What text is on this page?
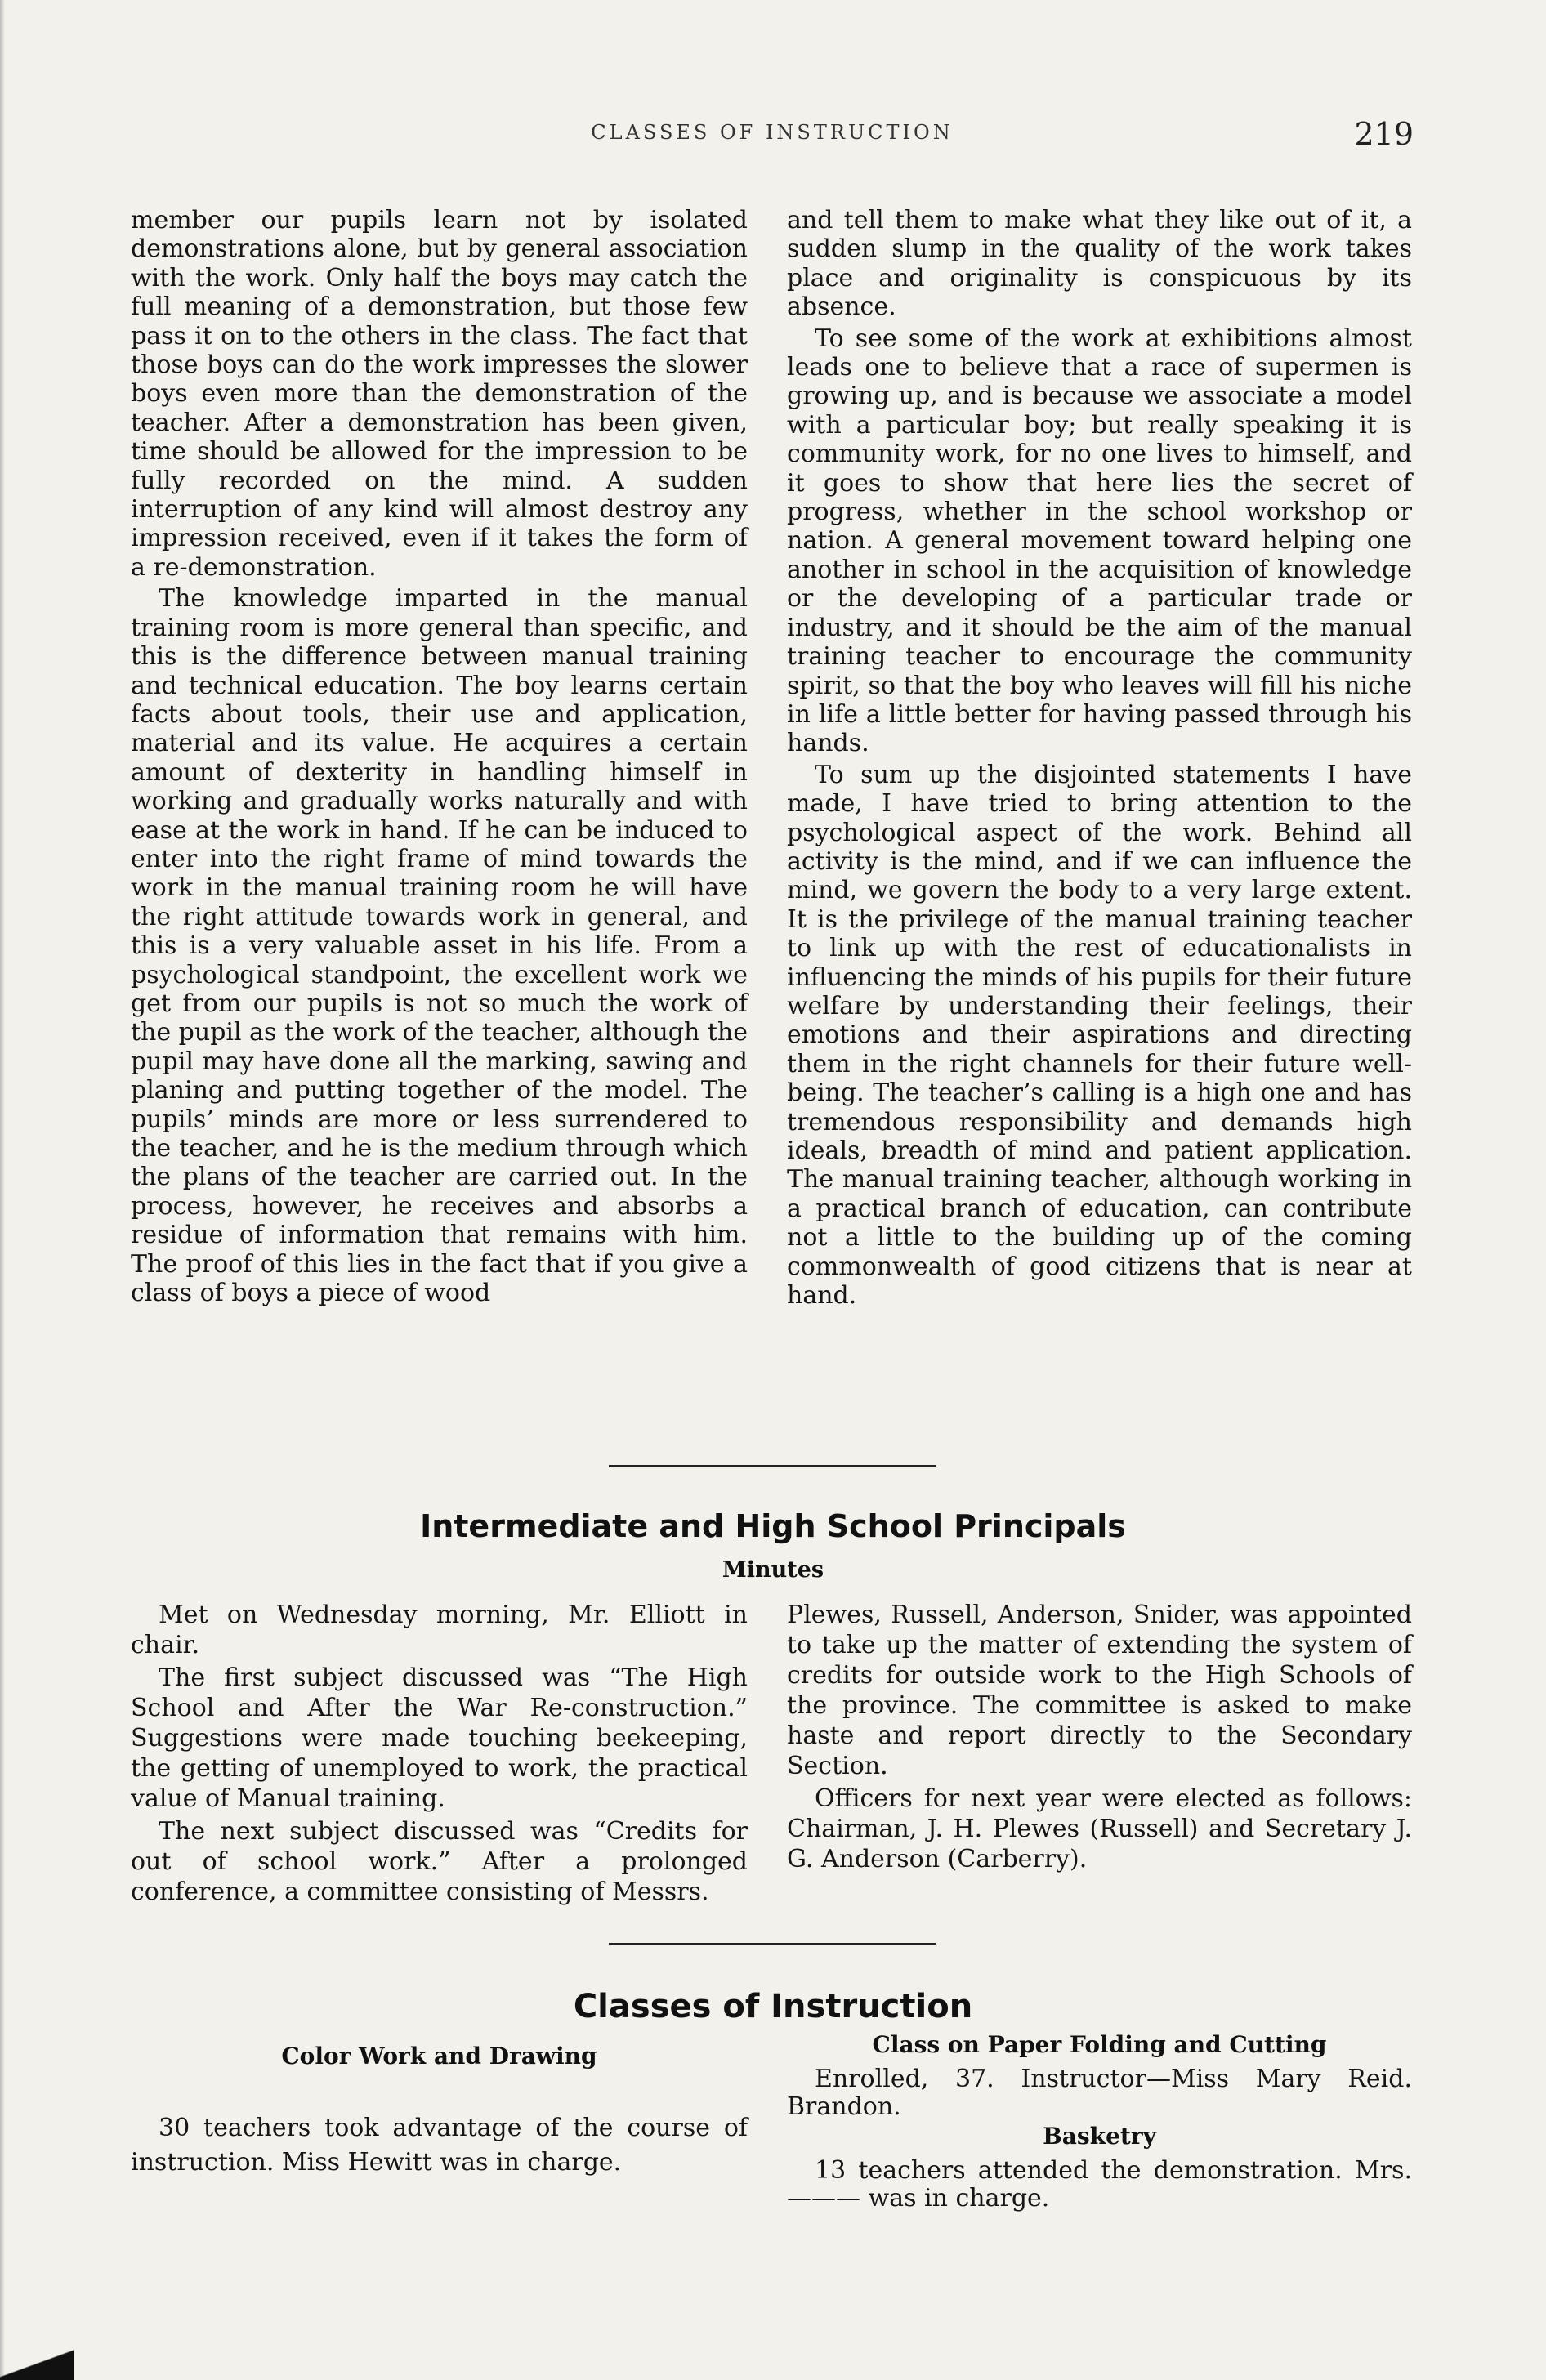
CLASSES OF INSTRUCTION	219

member our pupils learn not by isolated demonstrations alone, but by general association with the work. Only half the boys may catch the full meaning of a demonstration, but those few pass it on to the others in the class. The fact that those boys can do the work impresses the slower boys even more than the demonstration of the teacher. After a demonstration has been given, time should be allowed for the impression to be fully recorded on the mind. A sudden interruption of any kind will almost destroy any impression received, even if it takes the form of a re-demonstration.

The knowledge imparted in the manual training room is more general than specific, and this is the difference between manual training and technical education. The boy learns certain facts about tools, their use and application, material and its value. He acquires a certain amount of dexterity in handling himself in working and gradually works naturally and with ease at the work in hand. If he can be induced to enter into the right frame of mind towards the work in the manual training room he will have the right attitude towards work in general, and this is a very valuable asset in his life. From a psychological standpoint, the excellent work we get from our pupils is not so much the work of the pupil as the work of the teacher, although the pupil may have done all the marking, sawing and planing and putting together of the model. The pupils’ minds are more or less surrendered to the teacher, and he is the medium through which the plans of the teacher are carried out. In the process, however, he receives and absorbs a residue of information that remains with him. The proof of this lies in the fact that if you give a class of boys a piece of wood

and tell them to make what they like out of it, a sudden slump in the quality of the work takes place and originality is conspicuous by its absence.

To see some of the work at exhibitions almost leads one to believe that a race of supermen is growing up, and is because we associate a model with a particular boy; but really speaking it is community work, for no one lives to himself, and it goes to show that here lies the secret of progress, whether in the school workshop or nation. A general movement toward helping one another in school in the acquisition of knowledge or the developing of a particular trade or industry, and it should be the aim of the manual training teacher to encourage the community spirit, so that the boy who leaves will fill his niche in life a little better for having passed through his hands.

To sum up the disjointed statements I have made, I have tried to bring attention to the psychological aspect of the work. Behind all activity is the mind, and if we can influence the mind, we govern the body to a very large extent. It is the privilege of the manual training teacher to link up with the rest of educationalists in influencing the minds of his pupils for their future welfare by understanding their feelings, their emotions and their aspirations and directing them in the right channels for their future well-being. The teacher’s calling is a high one and has tremendous responsibility and demands high ideals, breadth of mind and patient application. The manual training teacher, although working in a practical branch of education, can contribute not a little to the building up of the coming commonwealth of good citizens that is near at hand.

Intermediate and High School Principals
Minutes

Met on Wednesday morning, Mr. Elliott in chair.

The first subject discussed was “The High School and After the War Re-construction.” Suggestions were made touching beekeeping, the getting of unemployed to work, the practical value of Manual training.

The next subject discussed was “Credits for out of school work.” After a prolonged conference, a committee consisting of Messrs.

Plewes, Russell, Anderson, Snider, was appointed to take up the matter of extending the system of credits for outside work to the High Schools of the province. The committee is asked to make haste and report directly to the Secondary Section.

Officers for next year were elected as follows: Chairman, J. H. Plewes (Russell) and Secretary J. G. Anderson (Carberry).

Classes of Instruction
Color Work and Drawing

30 teachers took advantage of the course of instruction. Miss Hewitt was in charge.

Class on Paper Folding and Cutting

Enrolled, 37. Instructor—Miss Mary Reid. Brandon.

Basketry

13 teachers attended the demonstration. Mrs. ——— was in charge.
